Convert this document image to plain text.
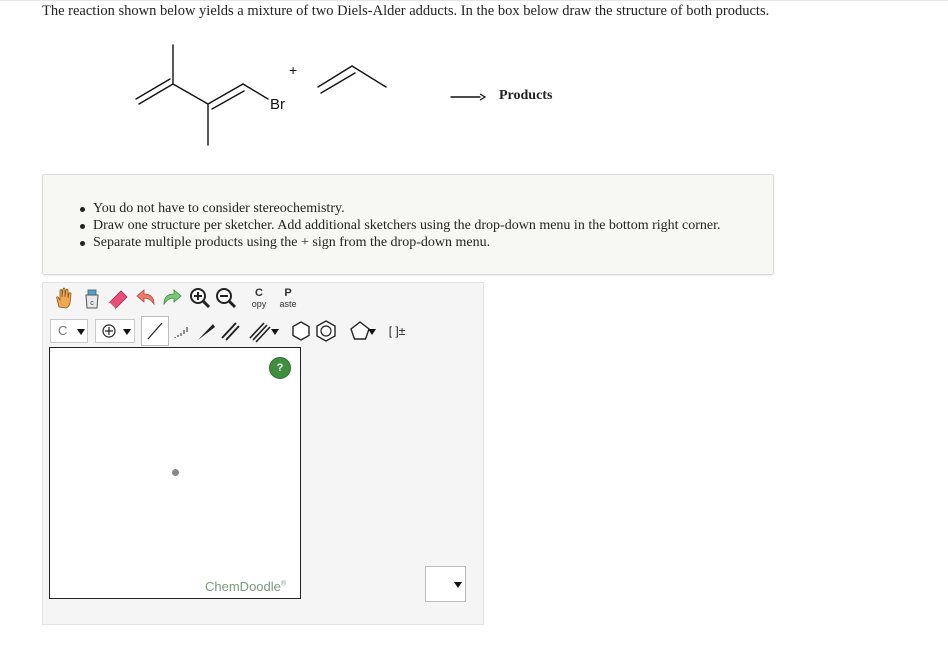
The reaction shown below yields a mixture of two Diels-Alder adducts. In the box below draw the structure of both products.
Br
+
Products
You do not have to consider stereochemistry.
Draw one structure per sketcher. Add additional sketchers using the drop-down menu in the bottom right corner.
Separate multiple products using the + sign from the drop-down menu.
c
C
opy
P
aste
C	[ ]±
?
ChemDoodle®
